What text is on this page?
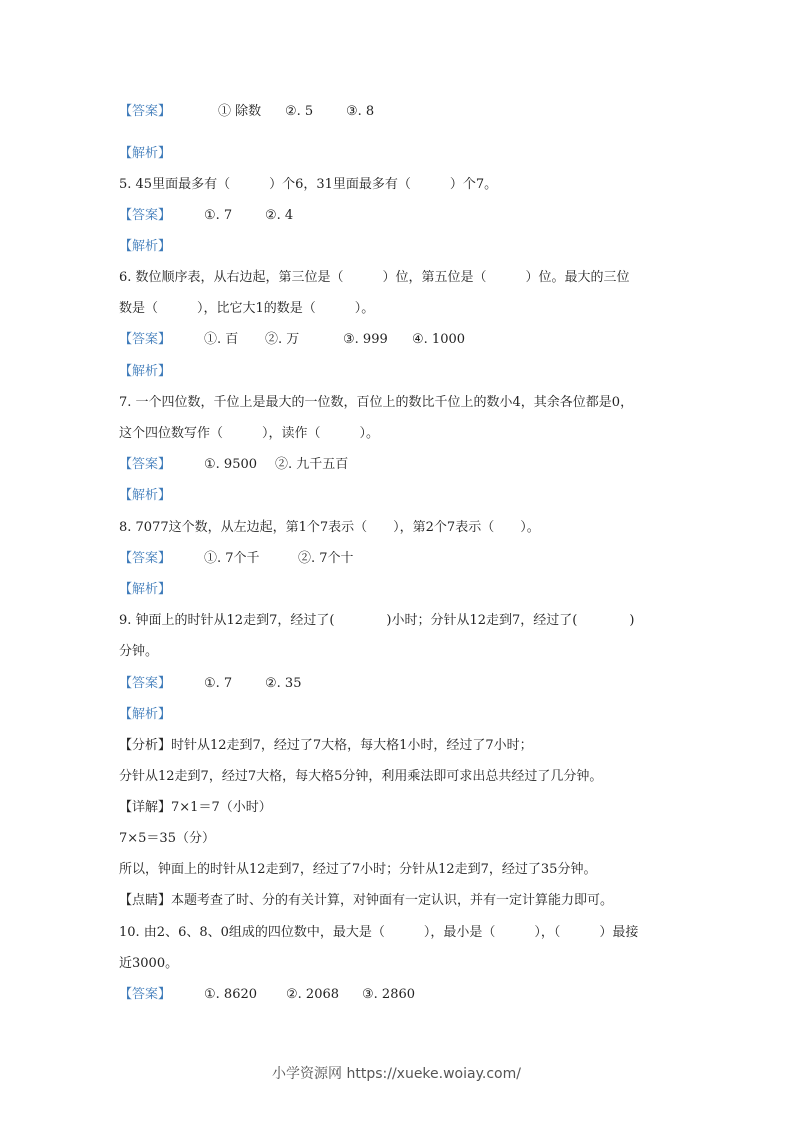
【答案】	① 除数 ②. 5	③. 8
【解析】
5. 45里面最多有（　　　）个6，31里面最多有（　　　）个7。
【答案】	①. 7	②. 4
【解析】
6. 数位顺序表，从右边起，第三位是（　　　）位，第五位是（　　　）位。最大的三位
数是（　　　），比它大1的数是（　　　）。
【答案】	①. 百 ②. 万	③. 999 ④. 1000
【解析】
7. 一个四位数，千位上是最大的一位数，百位上的数比千位上的数小4，其余各位都是0，
这个四位数写作（　　　），读作（　　　）。
【答案】	①. 9500 ②. 九千五百
【解析】
8. 7077这个数，从左边起，第1个7表示（　　），第2个7表示（　　）。
【答案】	①. 7个千	②. 7个十
【解析】
9. 钟面上的时针从12走到7，经过了(　　　　)小时；分针从12走到7，经过了(　　　　)
分钟。
【答案】	①. 7	②. 35
【解析】
【分析】时针从12走到7，经过了7大格，每大格1小时，经过了7小时；
分针从12走到7，经过7大格，每大格5分钟，利用乘法即可求出总共经过了几分钟。
【详解】7×1＝7（小时）
7×5＝35（分）
所以，钟面上的时针从12走到7，经过了7小时；分针从12走到7，经过了35分钟。
【点睛】本题考查了时、分的有关计算，对钟面有一定认识，并有一定计算能力即可。
10. 由2、6、8、0组成的四位数中，最大是（　　　），最小是（　　　），（　　　）最接
近3000。
【答案】	①. 8620 ②. 2068 ③. 2860
小学资源网 https://xueke.woiay.com/
